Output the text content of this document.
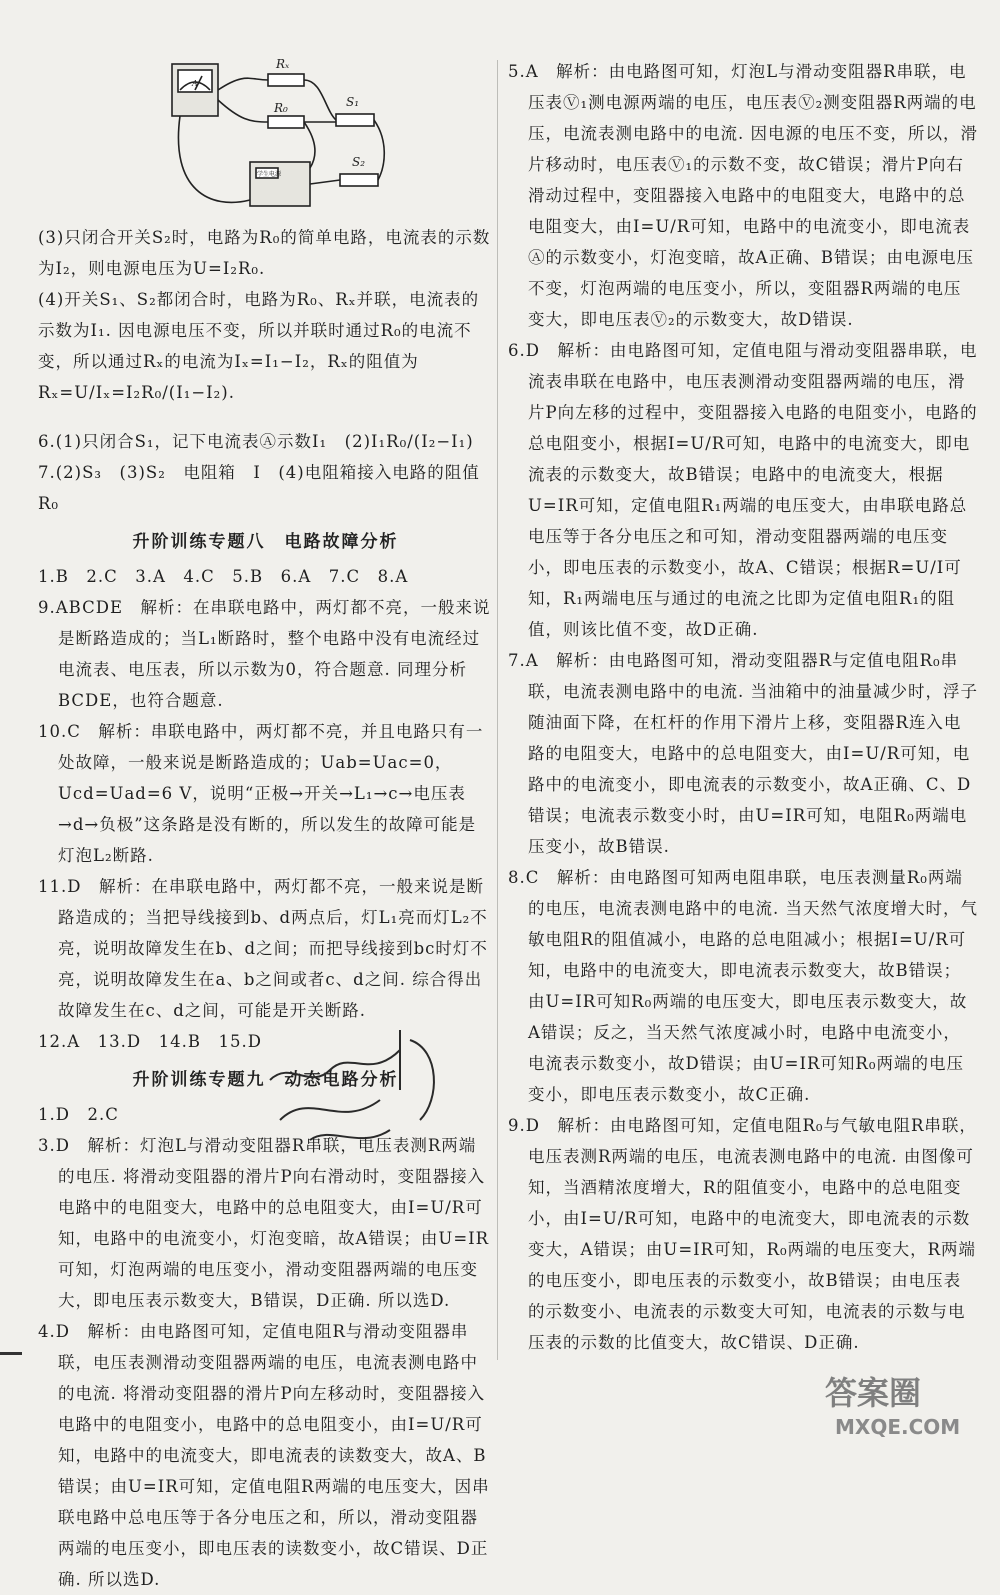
Rₓ
R₀	S₁
S₂
A
学生电源

(3)只闭合开关S₂时，电路为R₀的简单电路，电流表的示数为I₂，则电源电压为U=I₂R₀.

(4)开关S₁、S₂都闭合时，电路为R₀、Rₓ并联，电流表的示数为I₁. 因电源电压不变，所以并联时通过R₀的电流不变，所以通过Rₓ的电流为Iₓ=I₁−I₂，Rₓ的阻值为Rₓ=U/Iₓ=I₂R₀/(I₁−I₂).

6.(1)只闭合S₁，记下电流表Ⓐ示数I₁　(2)I₁R₀/(I₂−I₁)

7.(2)S₃　(3)S₂　电阻箱　I　(4)电阻箱接入电路的阻值R₀

升阶训练专题八　电路故障分析

1.B　2.C　3.A　4.C　5.B　6.A　7.C　8.A

9.ABCDE　解析：在串联电路中，两灯都不亮，一般来说是断路造成的；当L₁断路时，整个电路中没有电流经过电流表、电压表，所以示数为0，符合题意. 同理分析BCDE，也符合题意.

10.C　解析：串联电路中，两灯都不亮，并且电路只有一处故障，一般来说是断路造成的；Uab=Uac=0，Ucd=Uad=6 V，说明“正极→开关→L₁→c→电压表→d→负极”这条路是没有断的，所以发生的故障可能是灯泡L₂断路.

11.D　解析：在串联电路中，两灯都不亮，一般来说是断路造成的；当把导线接到b、d两点后，灯L₁亮而灯L₂不亮，说明故障发生在b、d之间；而把导线接到bc时灯不亮，说明故障发生在a、b之间或者c、d之间. 综合得出故障发生在c、d之间，可能是开关断路.

12.A　13.D　14.B　15.D

升阶训练专题九　动态电路分析

1.D　2.C

3.D　解析：灯泡L与滑动变阻器R串联，电压表测R两端的电压. 将滑动变阻器的滑片P向右滑动时，变阻器接入电路中的电阻变大，电路中的总电阻变大，由I=U/R可知，电路中的电流变小，灯泡变暗，故A错误；由U=IR可知，灯泡两端的电压变小，滑动变阻器两端的电压变大，即电压表示数变大，B错误，D正确. 所以选D.

4.D　解析：由电路图可知，定值电阻R与滑动变阻器串联，电压表测滑动变阻器两端的电压，电流表测电路中的电流. 将滑动变阻器的滑片P向左移动时，变阻器接入电路中的电阻变小，电路中的总电阻变小，由I=U/R可知，电路中的电流变大，即电流表的读数变大，故A、B错误；由U=IR可知，定值电阻R两端的电压变大，因串联电路中总电压等于各分电压之和，所以，滑动变阻器两端的电压变小，即电压表的读数变小，故C错误、D正确. 所以选D.

5.A　解析：由电路图可知，灯泡L与滑动变阻器R串联，电压表Ⓥ₁测电源两端的电压，电压表Ⓥ₂测变阻器R两端的电压，电流表测电路中的电流. 因电源的电压不变，所以，滑片移动时，电压表Ⓥ₁的示数不变，故C错误；滑片P向右滑动过程中，变阻器接入电路中的电阻变大，电路中的总电阻变大，由I=U/R可知，电路中的电流变小，即电流表Ⓐ的示数变小，灯泡变暗，故A正确、B错误；由电源电压不变，灯泡两端的电压变小，所以，变阻器R两端的电压变大，即电压表Ⓥ₂的示数变大，故D错误.

6.D　解析：由电路图可知，定值电阻与滑动变阻器串联，电流表串联在电路中，电压表测滑动变阻器两端的电压，滑片P向左移的过程中，变阻器接入电路的电阻变小，电路的总电阻变小，根据I=U/R可知，电路中的电流变大，即电流表的示数变大，故B错误；电路中的电流变大，根据U=IR可知，定值电阻R₁两端的电压变大，由串联电路总电压等于各分电压之和可知，滑动变阻器两端的电压变小，即电压表的示数变小，故A、C错误；根据R=U/I可知，R₁两端电压与通过的电流之比即为定值电阻R₁的阻值，则该比值不变，故D正确.

7.A　解析：由电路图可知，滑动变阻器R与定值电阻R₀串联，电流表测电路中的电流. 当油箱中的油量减少时，浮子随油面下降，在杠杆的作用下滑片上移，变阻器R连入电路的电阻变大，电路中的总电阻变大，由I=U/R可知，电路中的电流变小，即电流表的示数变小，故A正确、C、D错误；电流表示数变小时，由U=IR可知，电阻R₀两端电压变小，故B错误.

8.C　解析：由电路图可知两电阻串联，电压表测量R₀两端的电压，电流表测电路中的电流. 当天然气浓度增大时，气敏电阻R的阻值减小，电路的总电阻减小；根据I=U/R可知，电路中的电流变大，即电流表示数变大，故B错误；由U=IR可知R₀两端的电压变大，即电压表示数变大，故A错误；反之，当天然气浓度减小时，电路中电流变小，电流表示数变小，故D错误；由U=IR可知R₀两端的电压变小，即电压表示数变小，故C正确.

9.D　解析：由电路图可知，定值电阻R₀与气敏电阻R串联，电压表测R两端的电压，电流表测电路中的电流. 由图像可知，当酒精浓度增大，R的阻值变小，电路中的总电阻变小，由I=U/R可知，电路中的电流变大，即电流表的示数变大，A错误；由U=IR可知，R₀两端的电压变大，R两端的电压变小，即电压表的示数变小，故B错误；由电压表的示数变小、电流表的示数变大可知，电流表的示数与电压表的示数的比值变大，故C错误、D正确.

答案圈
MXQE.COM
